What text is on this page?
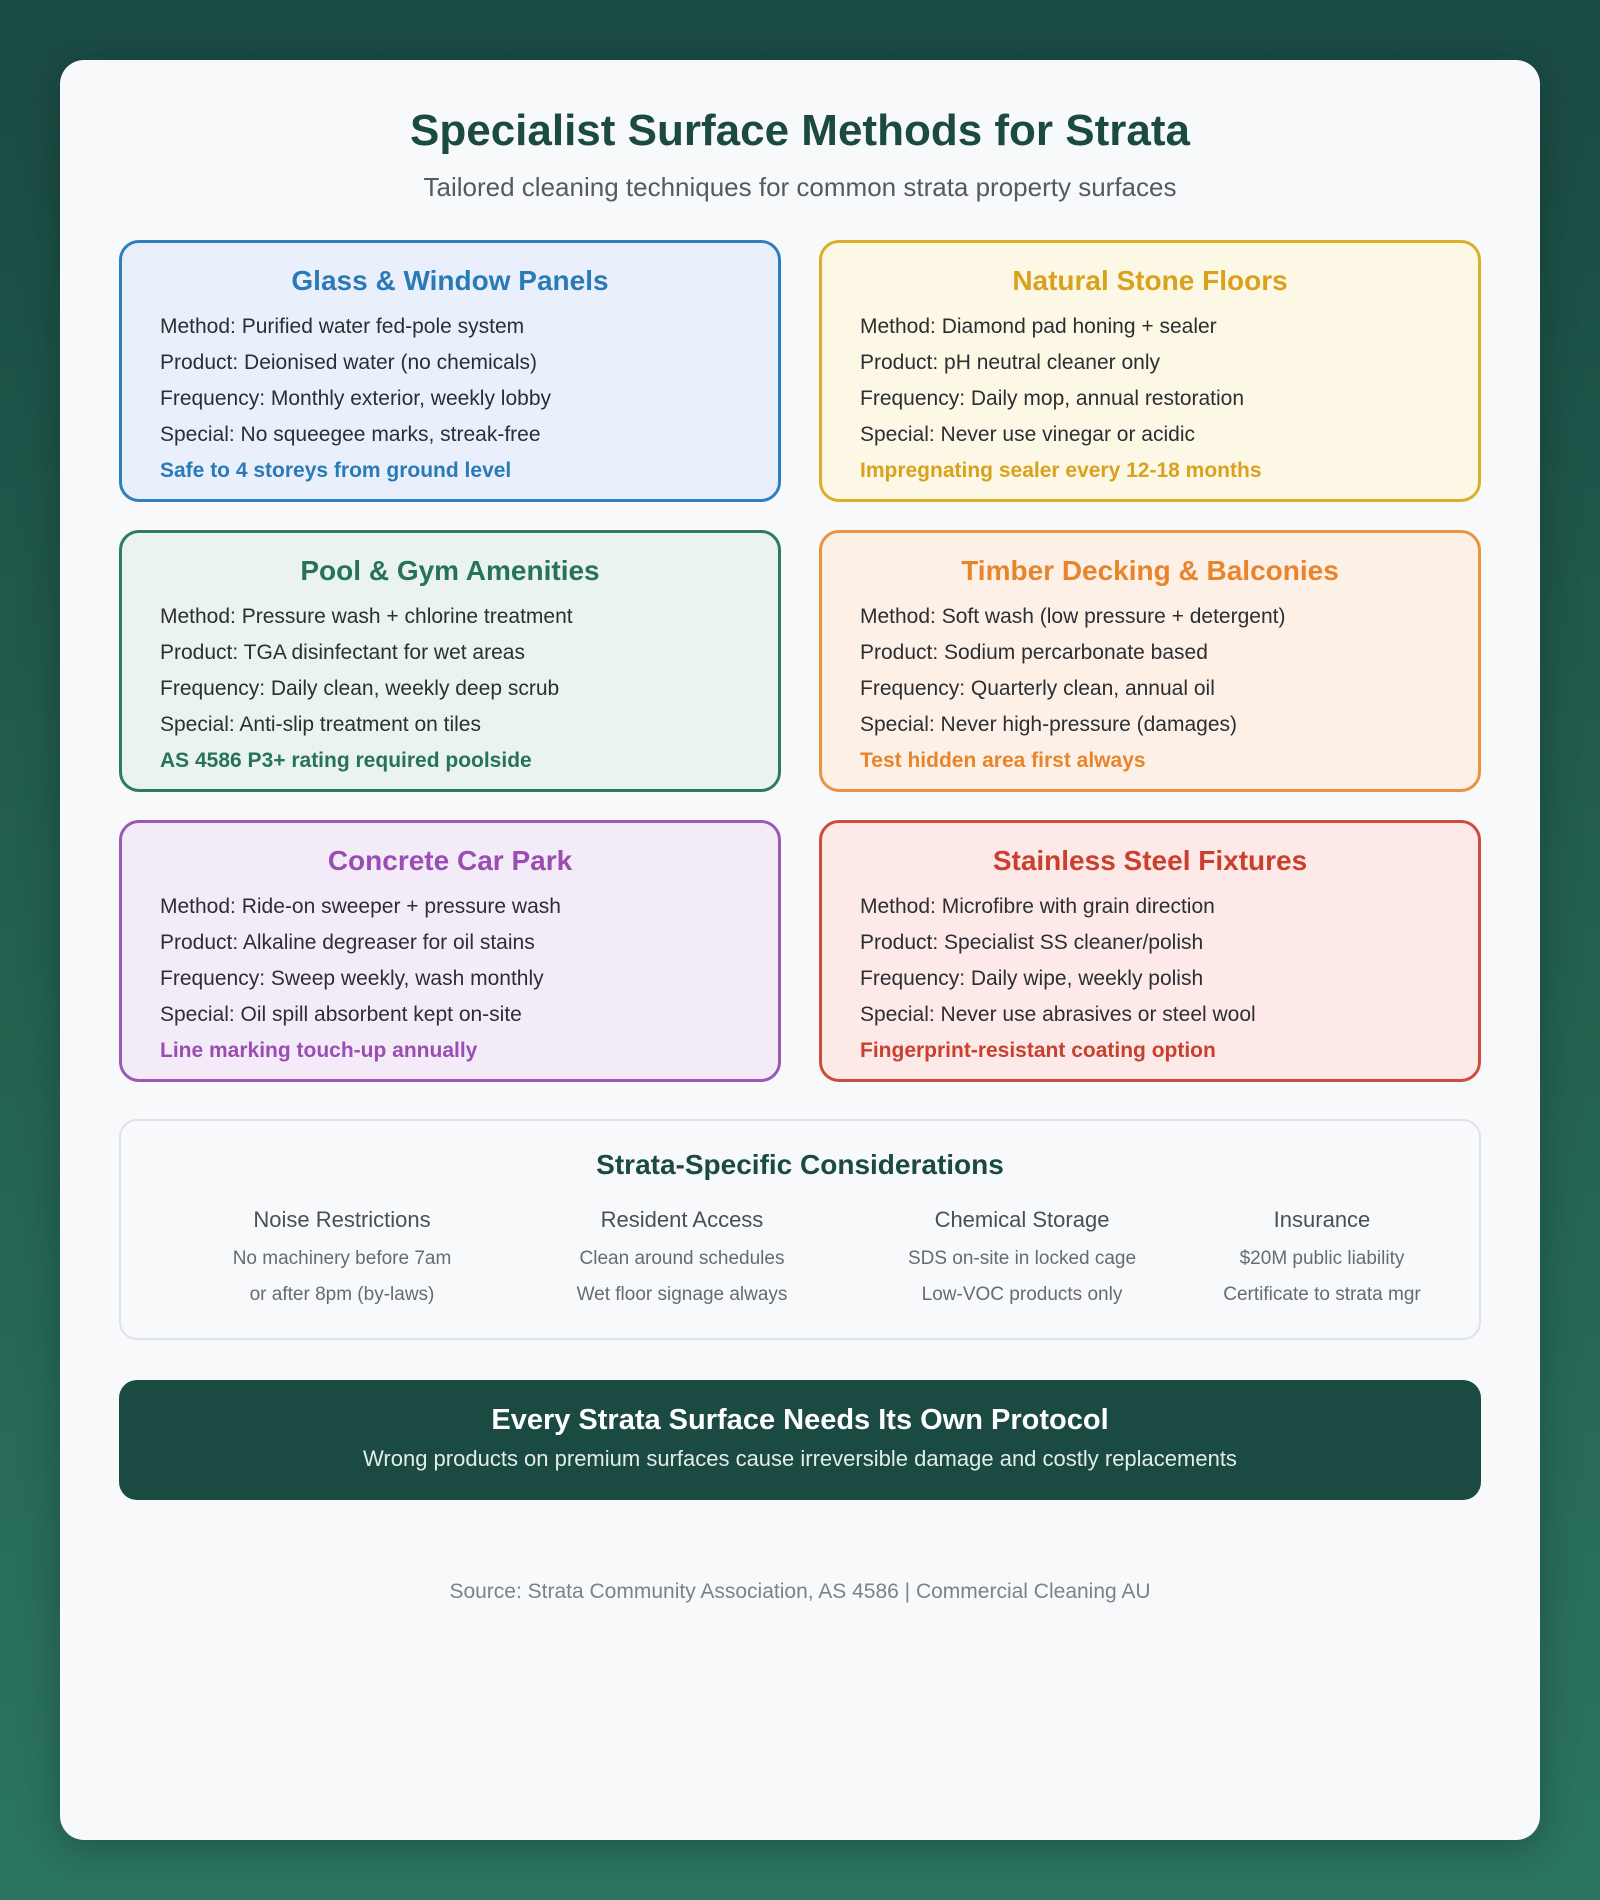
Specialist Surface Methods for Strata
Tailored cleaning techniques for common strata property surfaces
Glass & Window Panels
Method: Purified water fed-pole system
Product: Deionised water (no chemicals)
Frequency: Monthly exterior, weekly lobby
Special: No squeegee marks, streak-free
Safe to 4 storeys from ground level
Natural Stone Floors
Method: Diamond pad honing + sealer
Product: pH neutral cleaner only
Frequency: Daily mop, annual restoration
Special: Never use vinegar or acidic
Impregnating sealer every 12-18 months
Pool & Gym Amenities
Method: Pressure wash + chlorine treatment
Product: TGA disinfectant for wet areas
Frequency: Daily clean, weekly deep scrub
Special: Anti-slip treatment on tiles
AS 4586 P3+ rating required poolside
Timber Decking & Balconies
Method: Soft wash (low pressure + detergent)
Product: Sodium percarbonate based
Frequency: Quarterly clean, annual oil
Special: Never high-pressure (damages)
Test hidden area first always
Concrete Car Park
Method: Ride-on sweeper + pressure wash
Product: Alkaline degreaser for oil stains
Frequency: Sweep weekly, wash monthly
Special: Oil spill absorbent kept on-site
Line marking touch-up annually
Stainless Steel Fixtures
Method: Microfibre with grain direction
Product: Specialist SS cleaner/polish
Frequency: Daily wipe, weekly polish
Special: Never use abrasives or steel wool
Fingerprint-resistant coating option
Strata-Specific Considerations
Noise Restrictions
No machinery before 7am
or after 8pm (by-laws)
Resident Access
Clean around schedules
Wet floor signage always
Chemical Storage
SDS on-site in locked cage
Low-VOC products only
Insurance
$20M public liability
Certificate to strata mgr
Every Strata Surface Needs Its Own Protocol
Wrong products on premium surfaces cause irreversible damage and costly replacements
Source: Strata Community Association, AS 4586 | Commercial Cleaning AU
